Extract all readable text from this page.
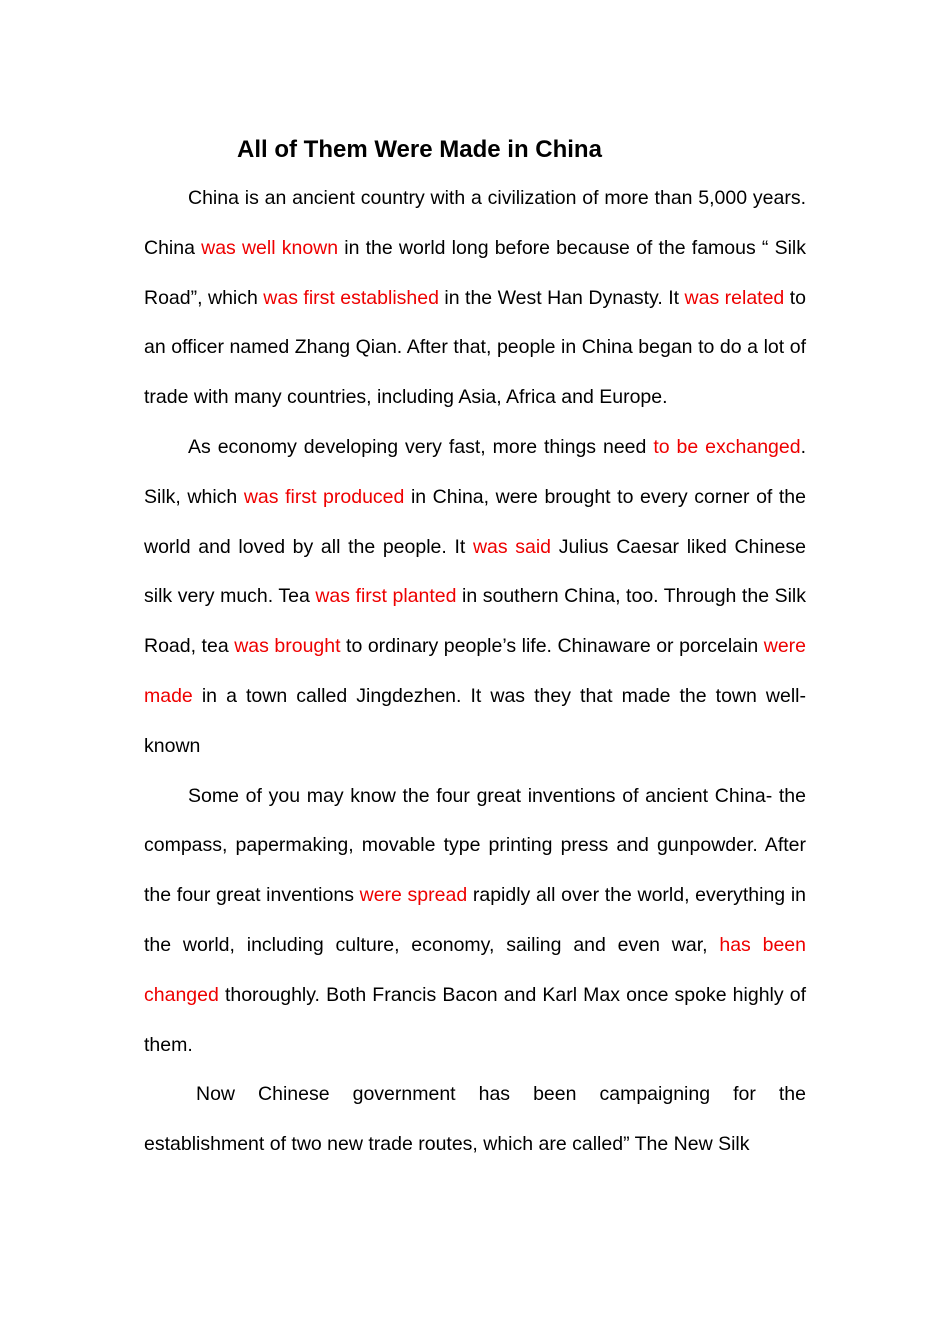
All of Them Were Made in China

China is an ancient country with a civilization of more than 5,000 years. China was well known in the world long before because of the famous “ Silk Road”, which was first established in the West Han Dynasty. It was related to an officer named Zhang Qian. After that, people in China began to do a lot of trade with many countries, including Asia, Africa and Europe.

As economy developing very fast, more things need to be exchanged. Silk, which was first produced in China, were brought to every corner of the world and loved by all the people. It was said Julius Caesar liked Chinese silk very much. Tea was first planted in southern China, too. Through the Silk Road, tea was brought to ordinary people’s life. Chinaware or porcelain were made in a town called Jingdezhen. It was they that made the town well-known

Some of you may know the four great inventions of ancient China- the compass, papermaking, movable type printing press and gunpowder. After the four great inventions were spread rapidly all over the world, everything in the world, including culture, economy, sailing and even war, has been changed thoroughly. Both Francis Bacon and Karl Max once spoke highly of them.

Now Chinese government has been campaigning for the establishment of two new trade routes, which are called” The New Silk
